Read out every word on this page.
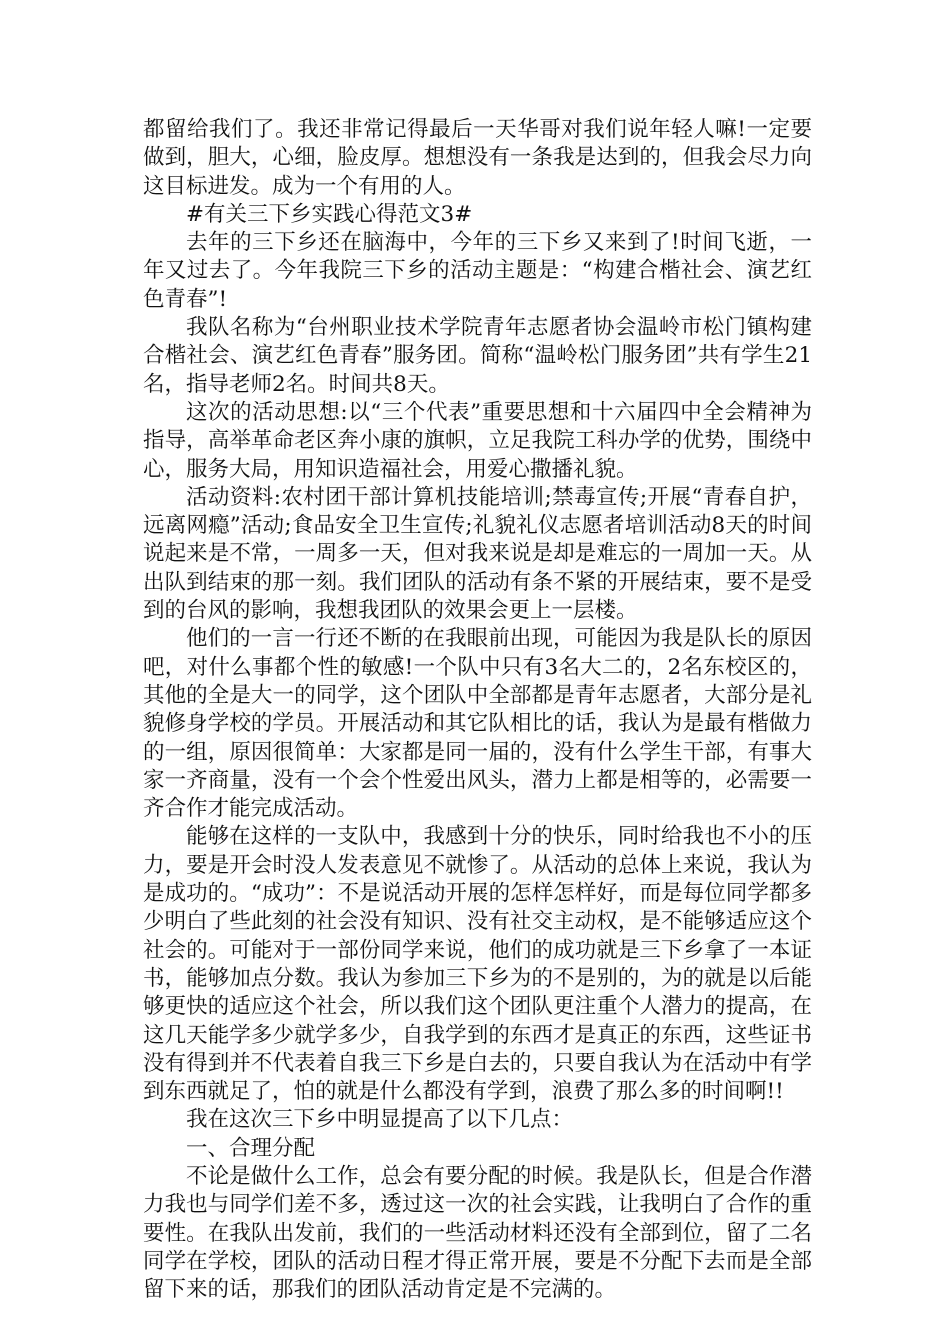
都留给我们了。我还非常记得最后一天华哥对我们说年轻人嘛!一定要做到，胆大，心细，脸皮厚。想想没有一条我是达到的，但我会尽力向这目标进发。成为一个有用的人。

#有关三下乡实践心得范文3#

去年的三下乡还在脑海中，今年的三下乡又来到了!时间飞逝，一年又过去了。今年我院三下乡的活动主题是：“构建合楷社会、演艺红色青春”!

我队名称为“台州职业技术学院青年志愿者协会温岭市松门镇构建合楷社会、演艺红色青春”服务团。简称“温岭松门服务团”共有学生21名，指导老师2名。时间共8天。

这次的活动思想:以“三个代表”重要思想和十六届四中全会精神为指导，高举革命老区奔小康的旗帜，立足我院工科办学的优势，围绕中心，服务大局，用知识造福社会，用爱心撒播礼貌。

活动资料:农村团干部计算机技能培训;禁毒宣传;开展“青春自护，远离网瘾”活动;食品安全卫生宣传;礼貌礼仪志愿者培训活动8天的时间说起来是不常，一周多一天，但对我来说是却是难忘的一周加一天。从出队到结束的那一刻。我们团队的活动有条不紧的开展结束，要不是受到的台风的影响，我想我团队的效果会更上一层楼。

他们的一言一行还不断的在我眼前出现，可能因为我是队长的原因吧，对什么事都个性的敏感!一个队中只有3名大二的，2名东校区的，其他的全是大一的同学，这个团队中全部都是青年志愿者，大部分是礼貌修身学校的学员。开展活动和其它队相比的话，我认为是最有楷做力的一组，原因很简单：大家都是同一届的，没有什么学生干部，有事大家一齐商量，没有一个会个性爱出风头，潜力上都是相等的，必需要一齐合作才能完成活动。

能够在这样的一支队中，我感到十分的快乐，同时给我也不小的压力，要是开会时没人发表意见不就惨了。从活动的总体上来说，我认为是成功的。“成功”：不是说活动开展的怎样怎样好，而是每位同学都多少明白了些此刻的社会没有知识、没有社交主动权，是不能够适应这个社会的。可能对于一部份同学来说，他们的成功就是三下乡拿了一本证书，能够加点分数。我认为参加三下乡为的不是别的，为的就是以后能够更快的适应这个社会，所以我们这个团队更注重个人潜力的提高，在这几天能学多少就学多少，自我学到的东西才是真正的东西，这些证书没有得到并不代表着自我三下乡是白去的，只要自我认为在活动中有学到东西就足了，怕的就是什么都没有学到，浪费了那么多的时间啊!!

我在这次三下乡中明显提高了以下几点：

一、合理分配

不论是做什么工作，总会有要分配的时候。我是队长，但是合作潜力我也与同学们差不多，透过这一次的社会实践，让我明白了合作的重要性。在我队出发前，我们的一些活动材料还没有全部到位，留了二名同学在学校，团队的活动日程才得正常开展，要是不分配下去而是全部留下来的话，那我们的团队活动肯定是不完满的。
